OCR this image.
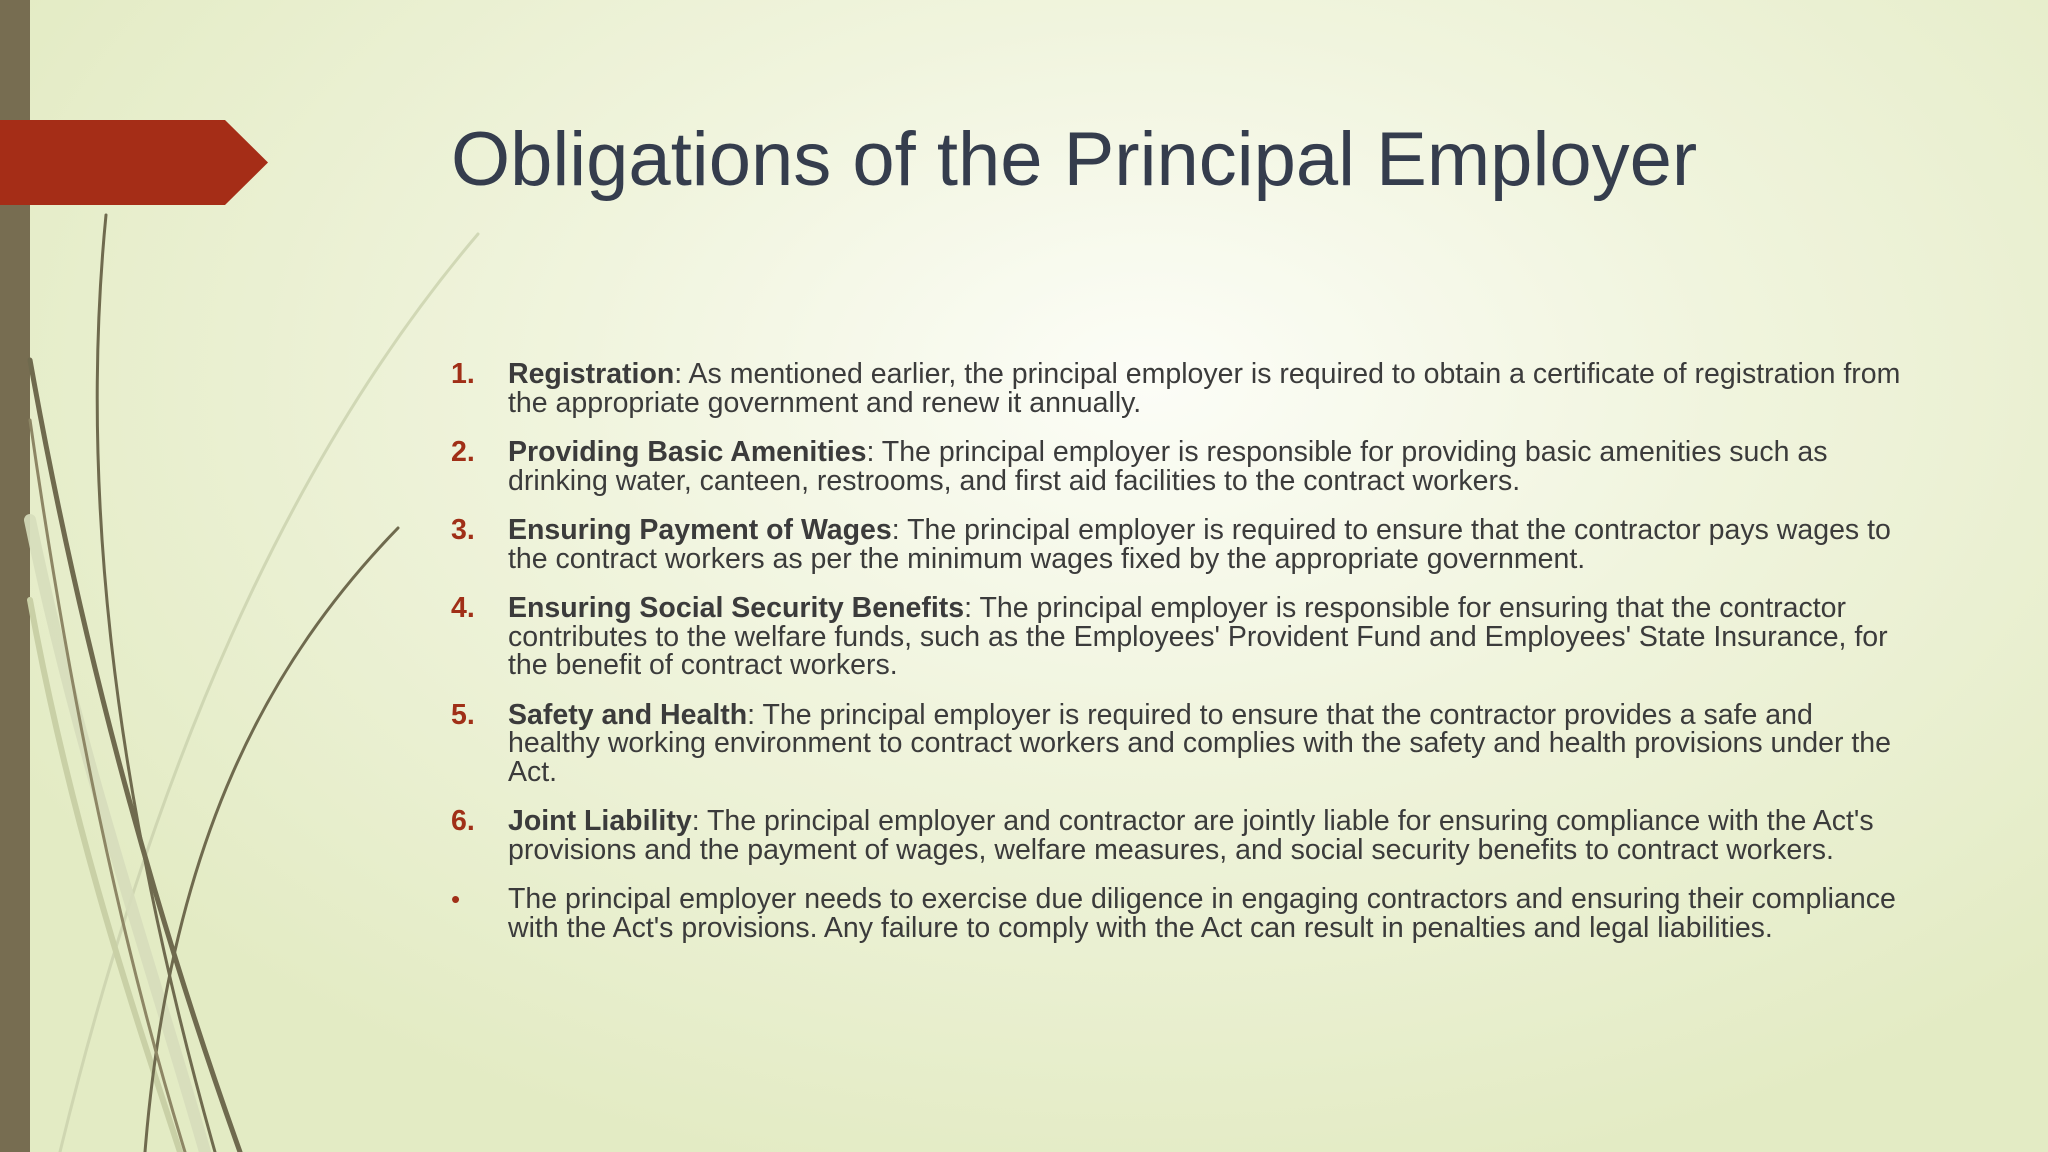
Obligations of the Principal Employer
1. Registration: As mentioned earlier, the principal employer is required to obtain a certificate of registration from the appropriate government and renew it annually.
2. Providing Basic Amenities: The principal employer is responsible for providing basic amenities such as drinking water, canteen, restrooms, and first aid facilities to the contract workers.
3. Ensuring Payment of Wages: The principal employer is required to ensure that the contractor pays wages to the contract workers as per the minimum wages fixed by the appropriate government.
4. Ensuring Social Security Benefits: The principal employer is responsible for ensuring that the contractor contributes to the welfare funds, such as the Employees' Provident Fund and Employees' State Insurance, for the benefit of contract workers.
5. Safety and Health: The principal employer is required to ensure that the contractor provides a safe and healthy working environment to contract workers and complies with the safety and health provisions under the Act.
6. Joint Liability: The principal employer and contractor are jointly liable for ensuring compliance with the Act's provisions and the payment of wages, welfare measures, and social security benefits to contract workers.
• The principal employer needs to exercise due diligence in engaging contractors and ensuring their compliance with the Act's provisions. Any failure to comply with the Act can result in penalties and legal liabilities.
